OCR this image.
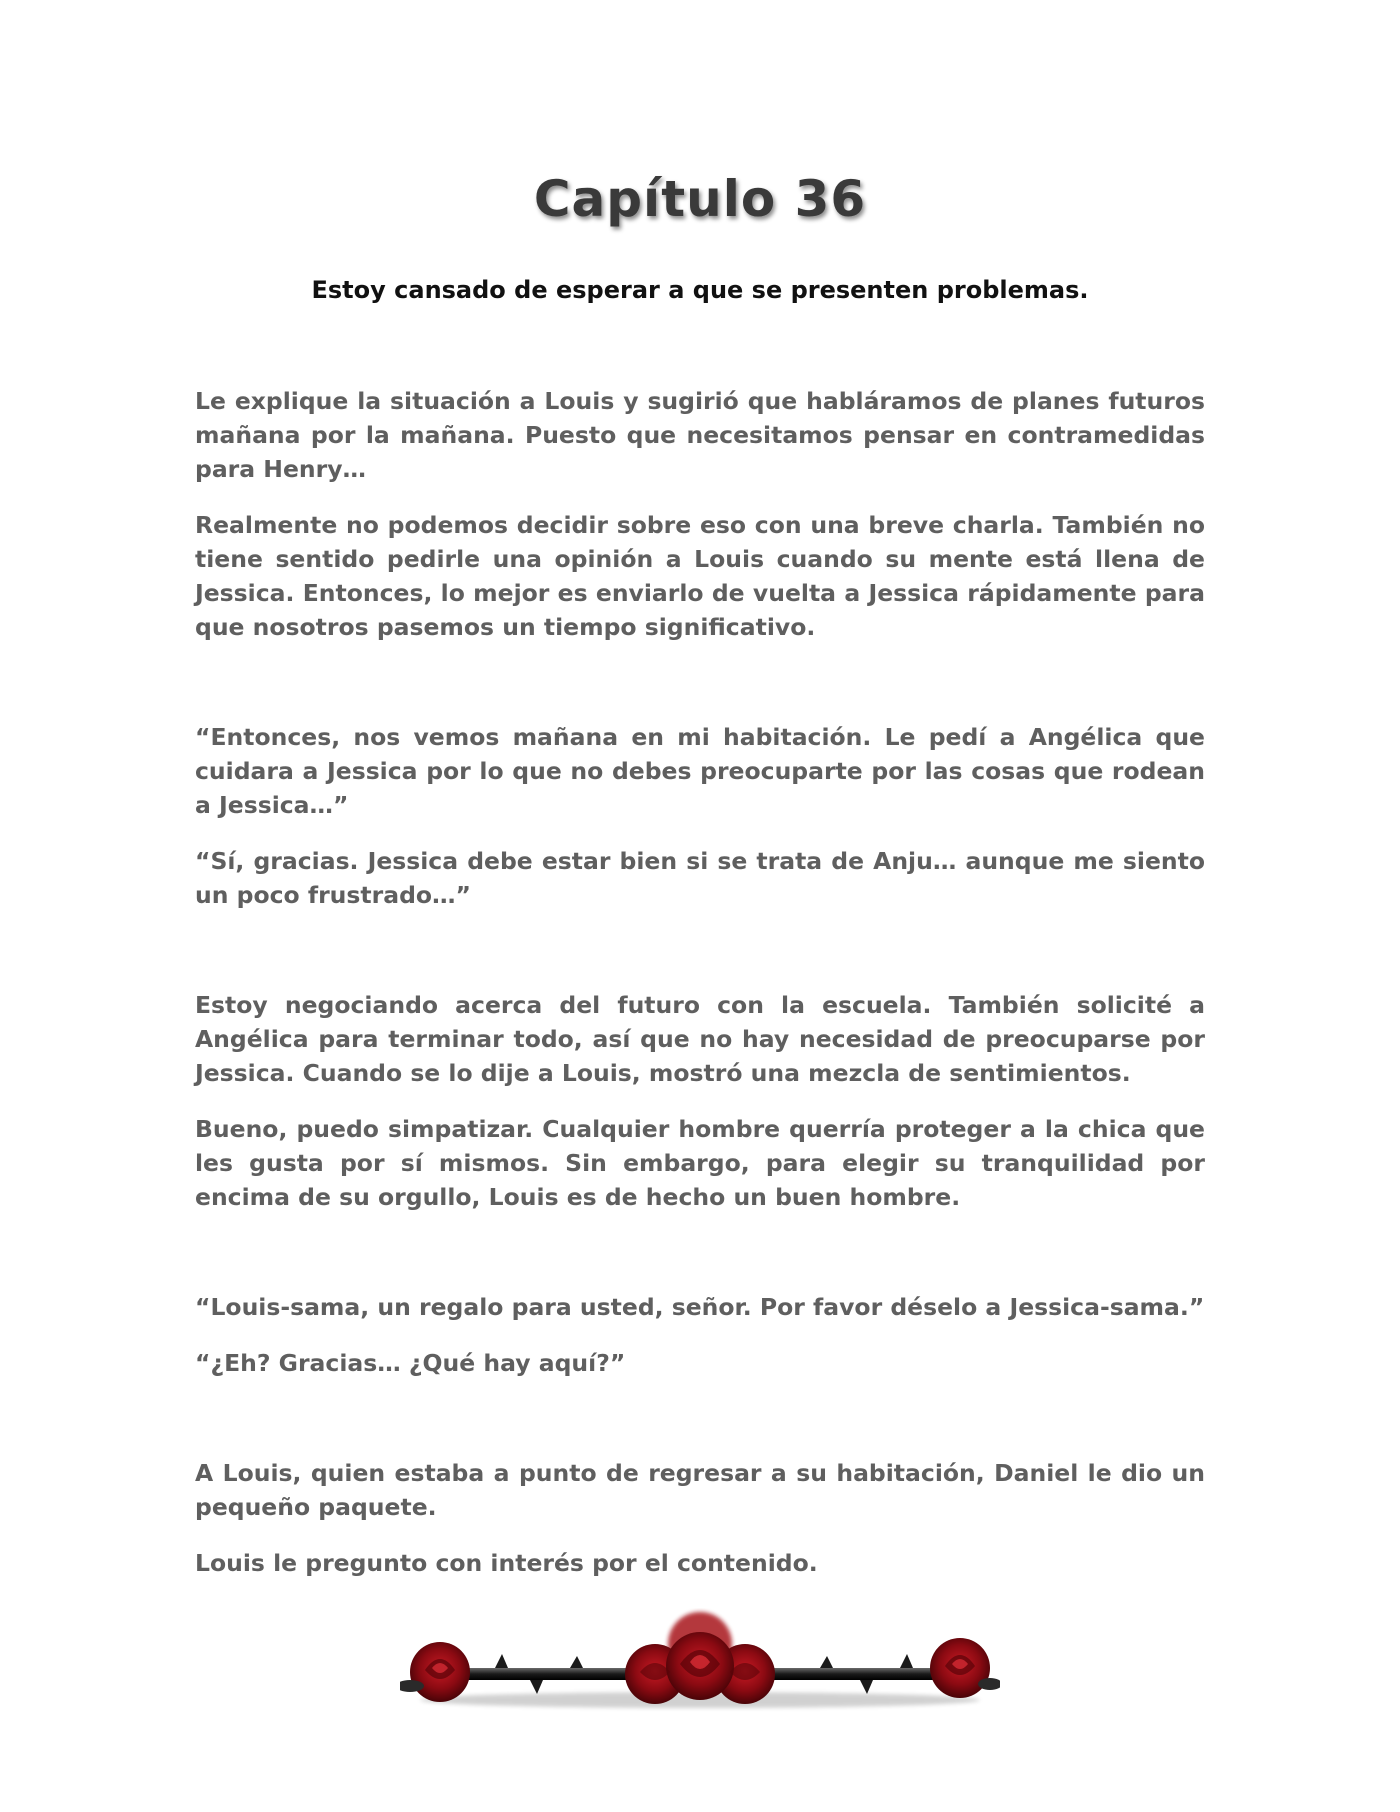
Capítulo 36
Estoy cansado de esperar a que se presenten problemas.

Le explique la situación a Louis y sugirió que habláramos de planes futuros mañana por la mañana. Puesto que necesitamos pensar en contramedidas para Henry…

Realmente no podemos decidir sobre eso con una breve charla. También no tiene sentido pedirle una opinión a Louis cuando su mente está llena de Jessica. Entonces, lo mejor es enviarlo de vuelta a Jessica rápidamente para que nosotros pasemos un tiempo significativo.

“Entonces, nos vemos mañana en mi habitación. Le pedí a Angélica que cuidara a Jessica por lo que no debes preocuparte por las cosas que rodean a Jessica…”

“Sí, gracias. Jessica debe estar bien si se trata de Anju… aunque me siento un poco frustrado…”

Estoy negociando acerca del futuro con la escuela. También solicité a Angélica para terminar todo, así que no hay necesidad de preocuparse por Jessica. Cuando se lo dije a Louis, mostró una mezcla de sentimientos.

Bueno, puedo simpatizar. Cualquier hombre querría proteger a la chica que les gusta por sí mismos. Sin embargo, para elegir su tranquilidad por encima de su orgullo, Louis es de hecho un buen hombre.

“Louis-sama, un regalo para usted, señor. Por favor déselo a Jessica-sama.”

“¿Eh? Gracias… ¿Qué hay aquí?”

A Louis, quien estaba a punto de regresar a su habitación, Daniel le dio un pequeño paquete.

Louis le pregunto con interés por el contenido.
